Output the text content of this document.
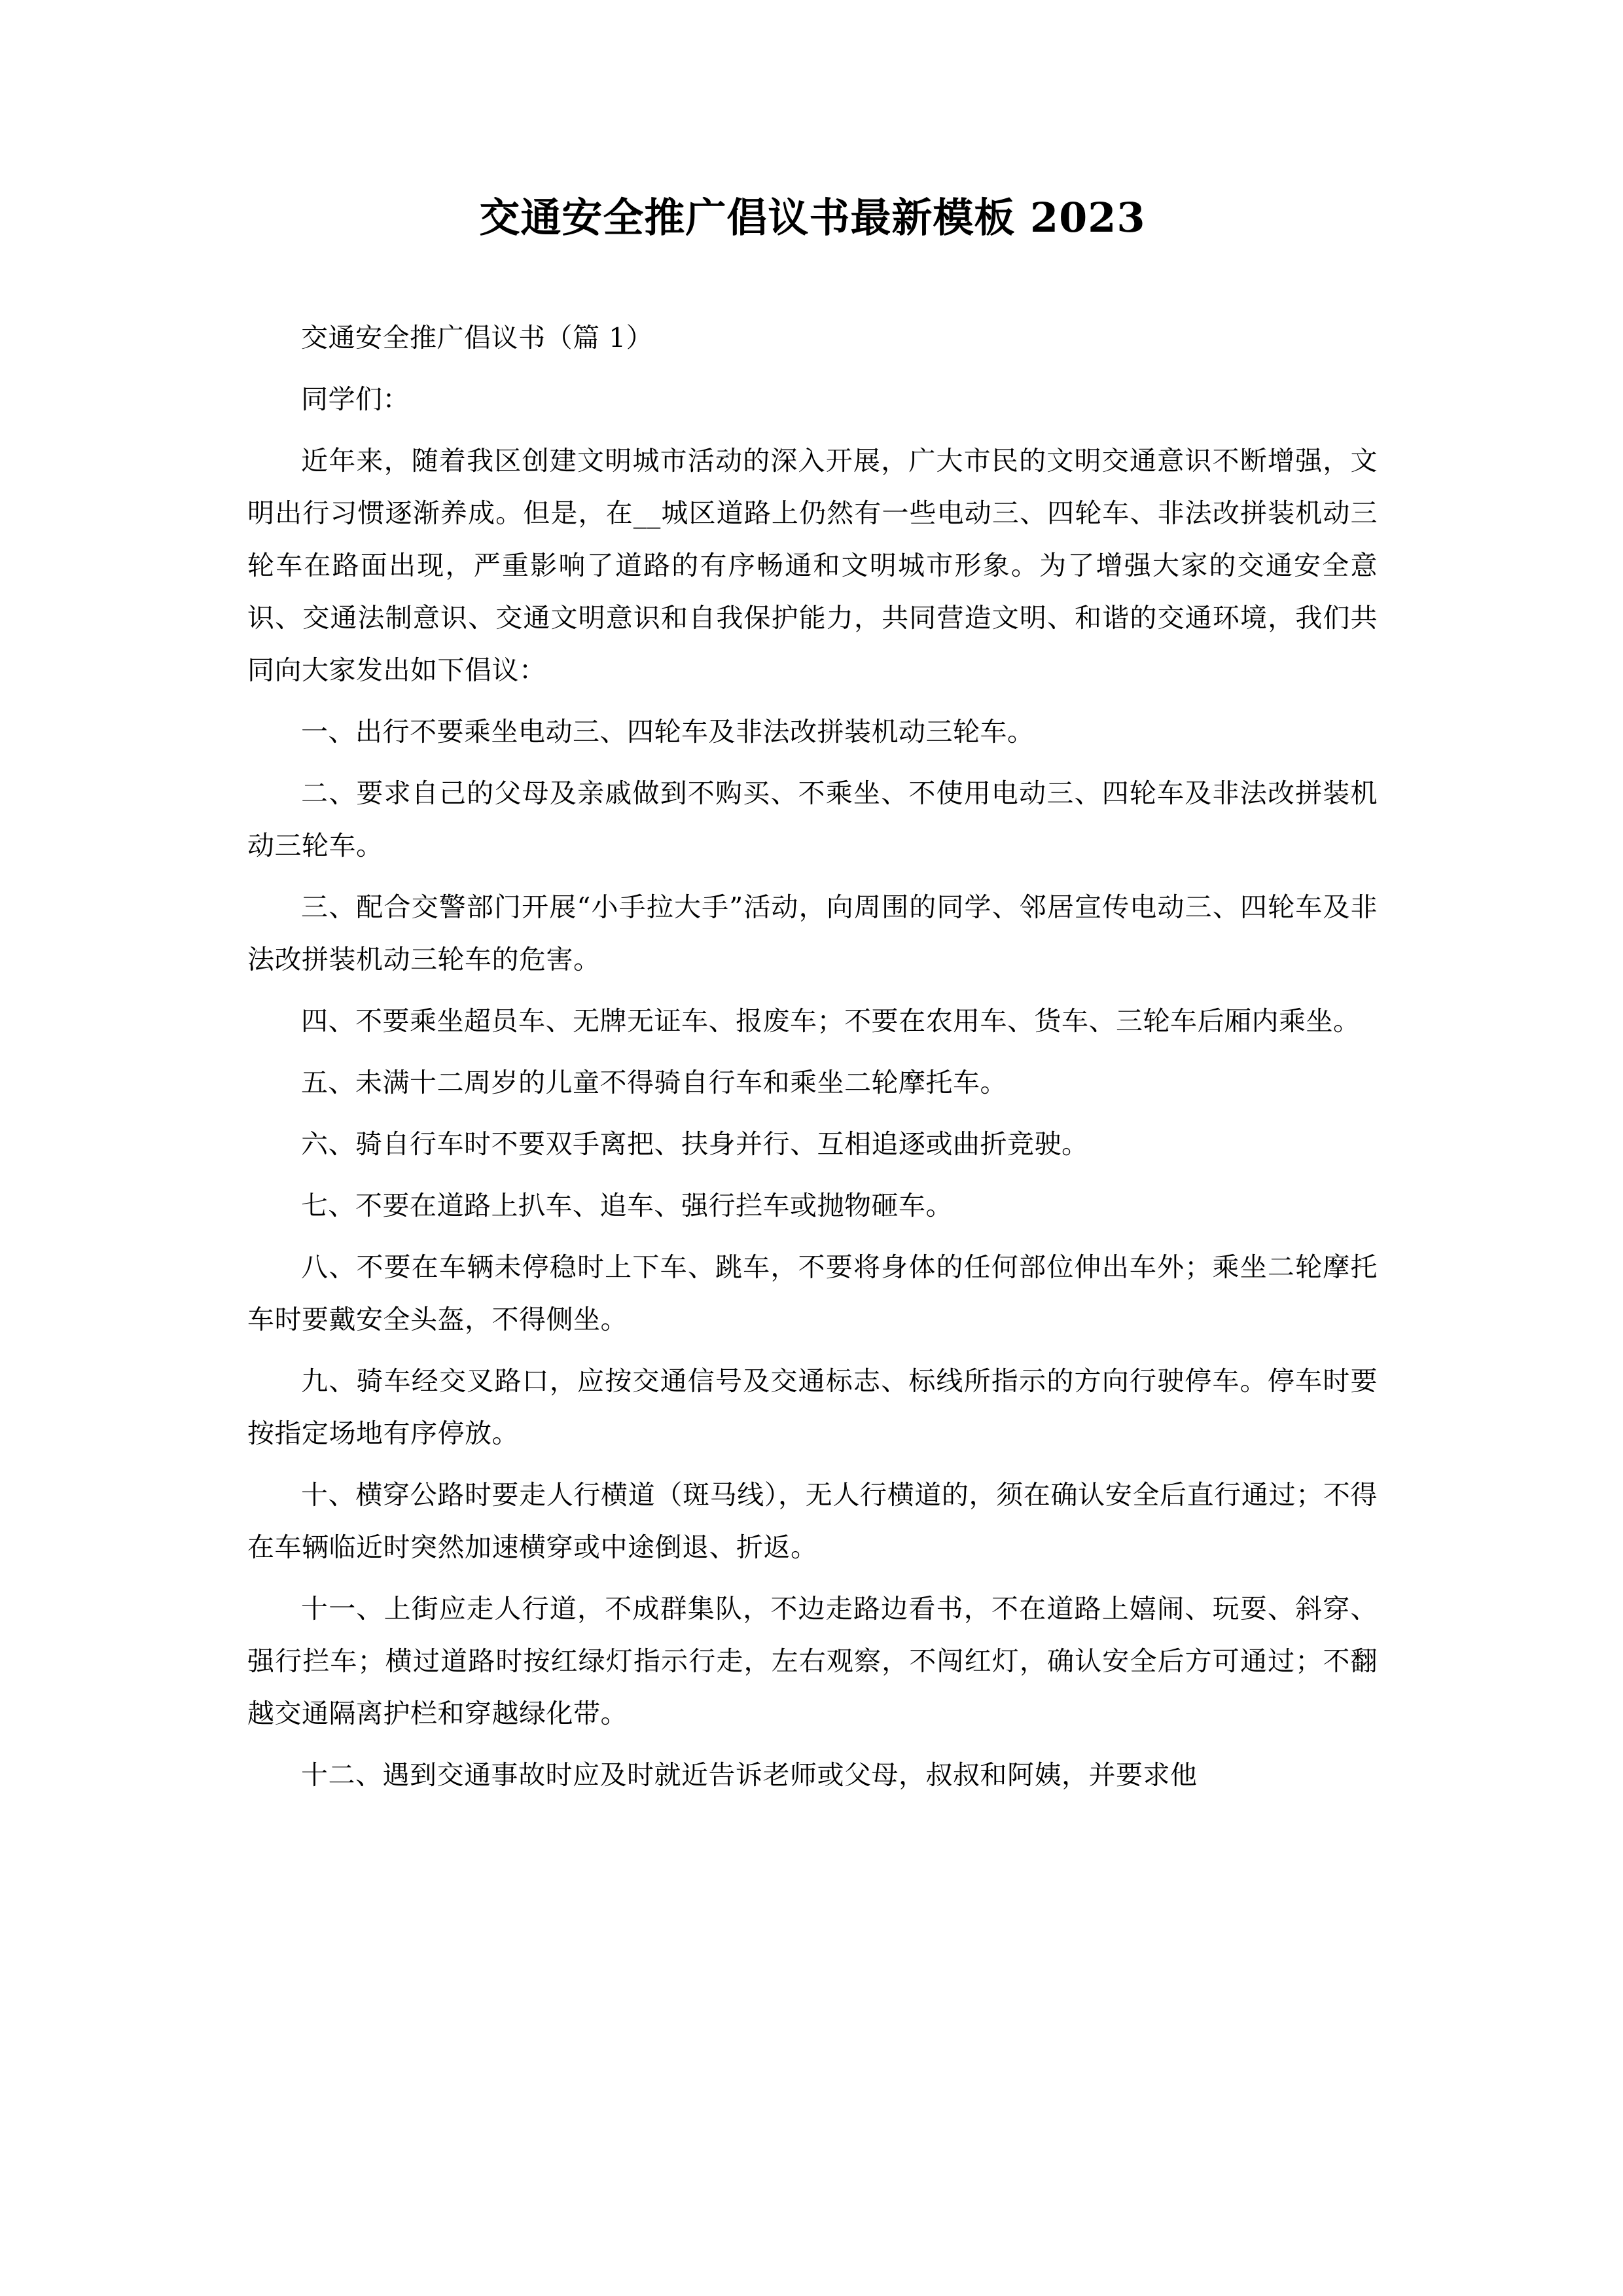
交通安全推广倡议书最新模板 2023

交通安全推广倡议书（篇 1）

同学们：

近年来，随着我区创建文明城市活动的深入开展，广大市民的文明交通意识不断增强，文明出行习惯逐渐养成。但是，在__城区道路上仍然有一些电动三、四轮车、非法改拼装机动三轮车在路面出现，严重影响了道路的有序畅通和文明城市形象。为了增强大家的交通安全意识、交通法制意识、交通文明意识和自我保护能力，共同营造文明、和谐的交通环境，我们共同向大家发出如下倡议：

一、出行不要乘坐电动三、四轮车及非法改拼装机动三轮车。

二、要求自己的父母及亲戚做到不购买、不乘坐、不使用电动三、四轮车及非法改拼装机动三轮车。

三、配合交警部门开展“小手拉大手”活动，向周围的同学、邻居宣传电动三、四轮车及非法改拼装机动三轮车的危害。

四、不要乘坐超员车、无牌无证车、报废车；不要在农用车、货车、三轮车后厢内乘坐。

五、未满十二周岁的儿童不得骑自行车和乘坐二轮摩托车。

六、骑自行车时不要双手离把、扶身并行、互相追逐或曲折竞驶。

七、不要在道路上扒车、追车、强行拦车或抛物砸车。

八、不要在车辆未停稳时上下车、跳车，不要将身体的任何部位伸出车外；乘坐二轮摩托车时要戴安全头盔，不得侧坐。

九、骑车经交叉路口，应按交通信号及交通标志、标线所指示的方向行驶停车。停车时要按指定场地有序停放。

十、横穿公路时要走人行横道（斑马线），无人行横道的，须在确认安全后直行通过；不得在车辆临近时突然加速横穿或中途倒退、折返。

十一、上街应走人行道，不成群集队，不边走路边看书，不在道路上嬉闹、玩耍、斜穿、强行拦车；横过道路时按红绿灯指示行走，左右观察，不闯红灯，确认安全后方可通过；不翻越交通隔离护栏和穿越绿化带。

十二、遇到交通事故时应及时就近告诉老师或父母，叔叔和阿姨，并要求他
